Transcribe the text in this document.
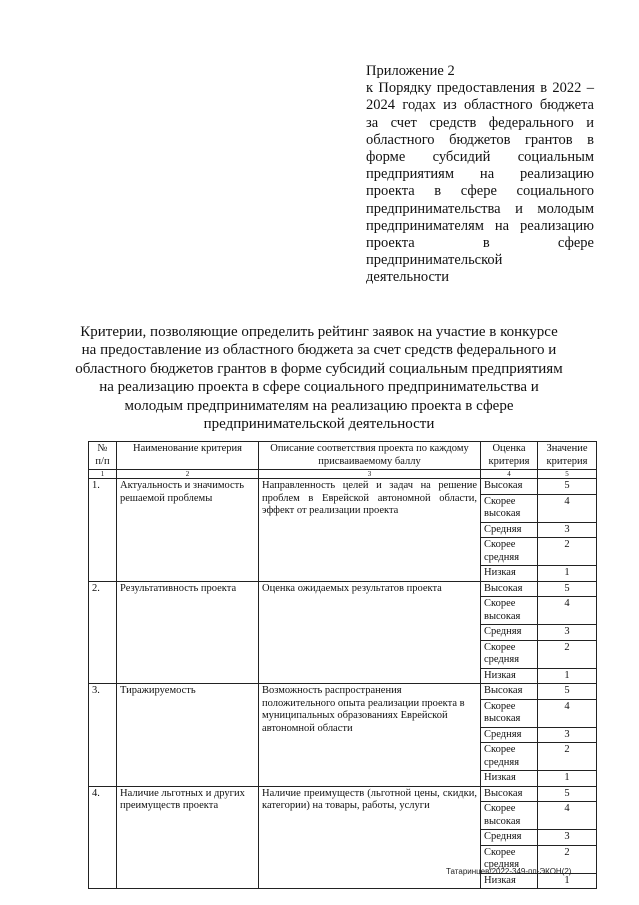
Приложение 2
к Порядку предоставления в 2022 –
2024 годах из областного бюджета
за счет средств федерального и
областного бюджетов грантов в
форме субсидий социальным
предприятиям на реализацию
проекта в сфере социального
предпринимательства и молодым
предпринимателям на реализацию
проекта в сфере
предпринимательской
деятельности
Критерии, позволяющие определить рейтинг заявок на участие в конкурсе
на предоставление из областного бюджета за счет средств федерального и
областного бюджетов грантов в форме субсидий социальным предприятиям
на реализацию проекта в сфере социального предпринимательства и
молодым предпринимателям на реализацию проекта в сфере
предпринимательской деятельности
№ п/п	Наименование критерия	Описание соответствия проекта по каждому присваиваемому баллу	Оценка критерия	Значение критерия
1	2	3	4	5
1.	Актуальность и значимость решаемой проблемы	Направленность целей и задач на решение проблем в Еврейской автономной области, эффект от реализации проекта	Высокая	5
			Скорее высокая	4
			Средняя	3
			Скорее средняя	2
			Низкая	1
2.	Результативность проекта	Оценка ожидаемых результатов проекта	Высокая	5
			Скорее высокая	4
			Средняя	3
			Скорее средняя	2
			Низкая	1
3.	Тиражируемость	Возможность распространения положительного опыта реализации проекта в муниципальных образованиях Еврейской автономной области	Высокая	5
			Скорее высокая	4
			Средняя	3
			Скорее средняя	2
			Низкая	1
4.	Наличие льготных и других преимуществ проекта	Наличие преимуществ (льготной цены, скидки, категории) на товары, работы, услуги	Высокая	5
			Скорее высокая	4
			Средняя	3
			Скорее средняя	2
			Низкая	1
Татаринцев/2022-349-пп-ЭКОН(2)
